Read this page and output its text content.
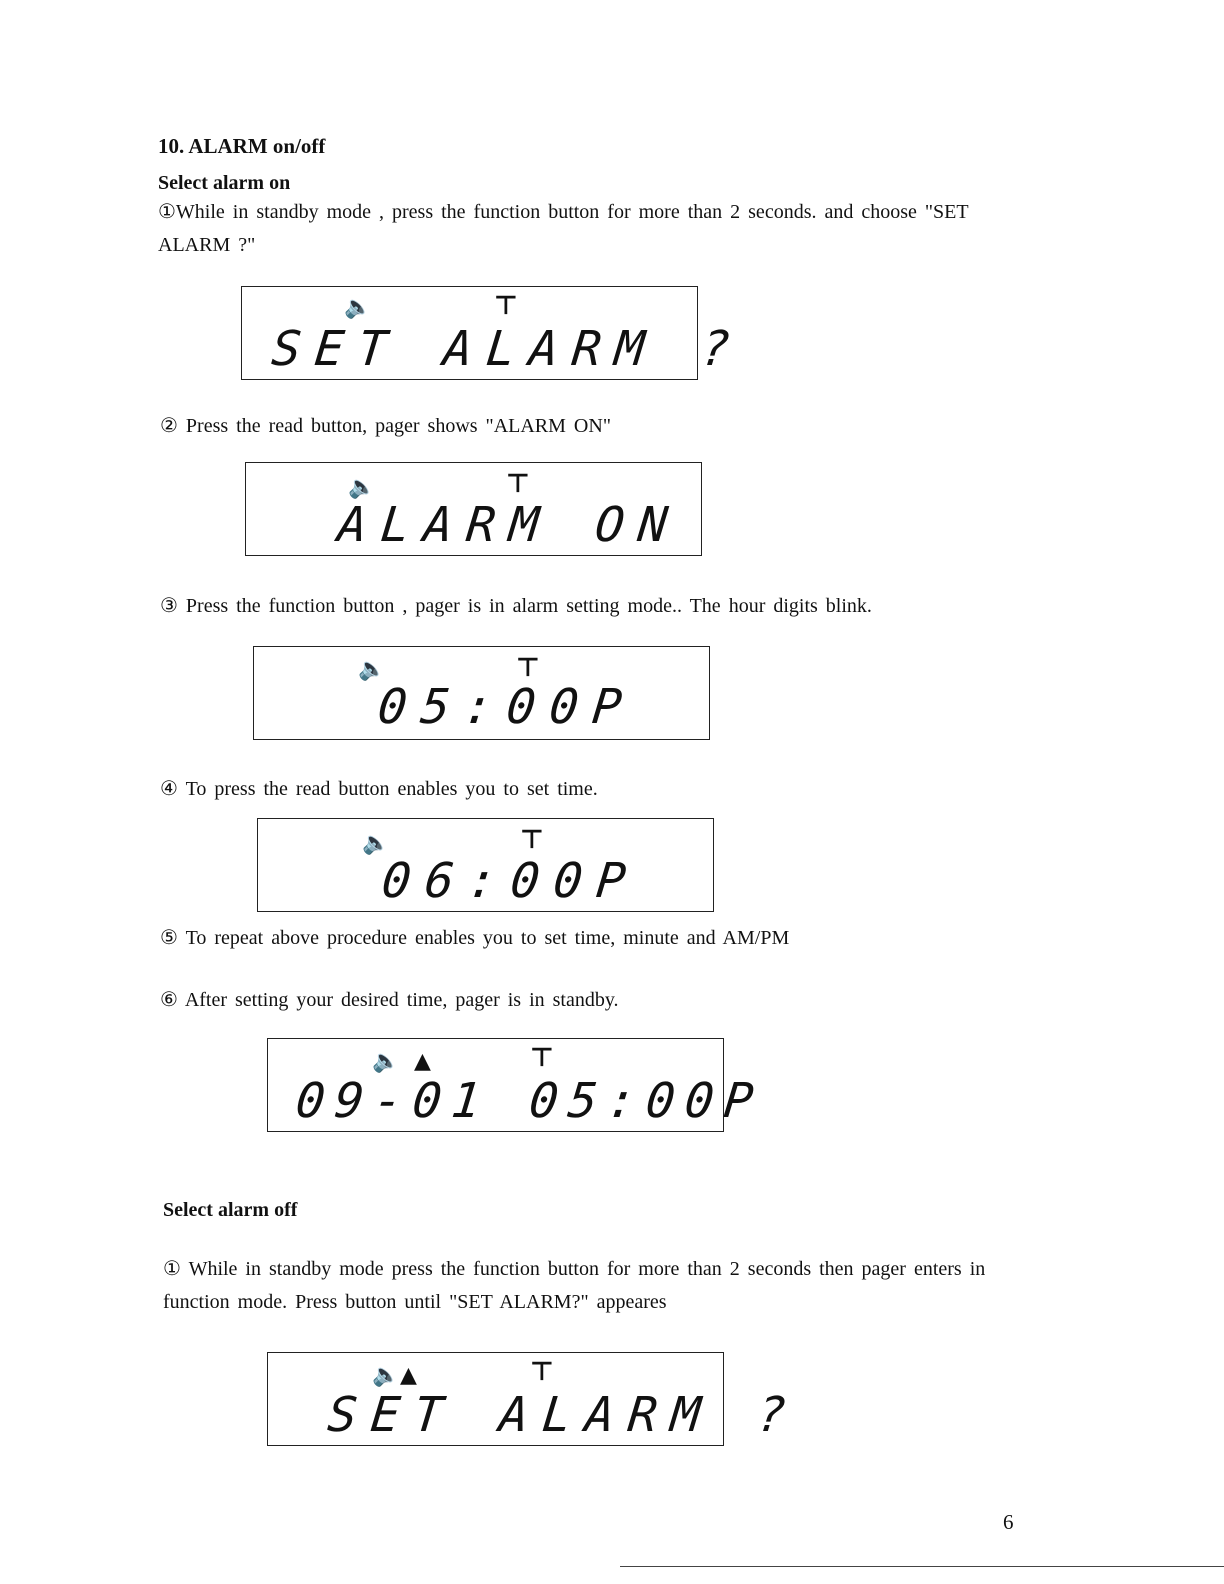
10. ALARM on/off
Select alarm on
①While in standby mode , press the function button for more than 2 seconds. and choose "SET ALARM ?"
🔈	⊤
SET ALARM ?
② Press the read button, pager shows "ALARM ON"
🔈	⊤
ALARM ON
③ Press the function button , pager is in alarm setting mode.. The hour digits blink.
🔈	⊤
05:00P
④ To press the read button enables you to set time.
🔈	⊤
06:00P
⑤ To repeat above procedure enables you to set time, minute and AM/PM
⑥ After setting your desired time, pager is in standby.
🔈 ▲	⊤
09-01 05:00P
Select alarm off
① While in standby mode press the function button for more than 2 seconds then pager enters in function mode. Press button until "SET ALARM?" appeares
🔈 ▲	⊤
SET ALARM ?
6
